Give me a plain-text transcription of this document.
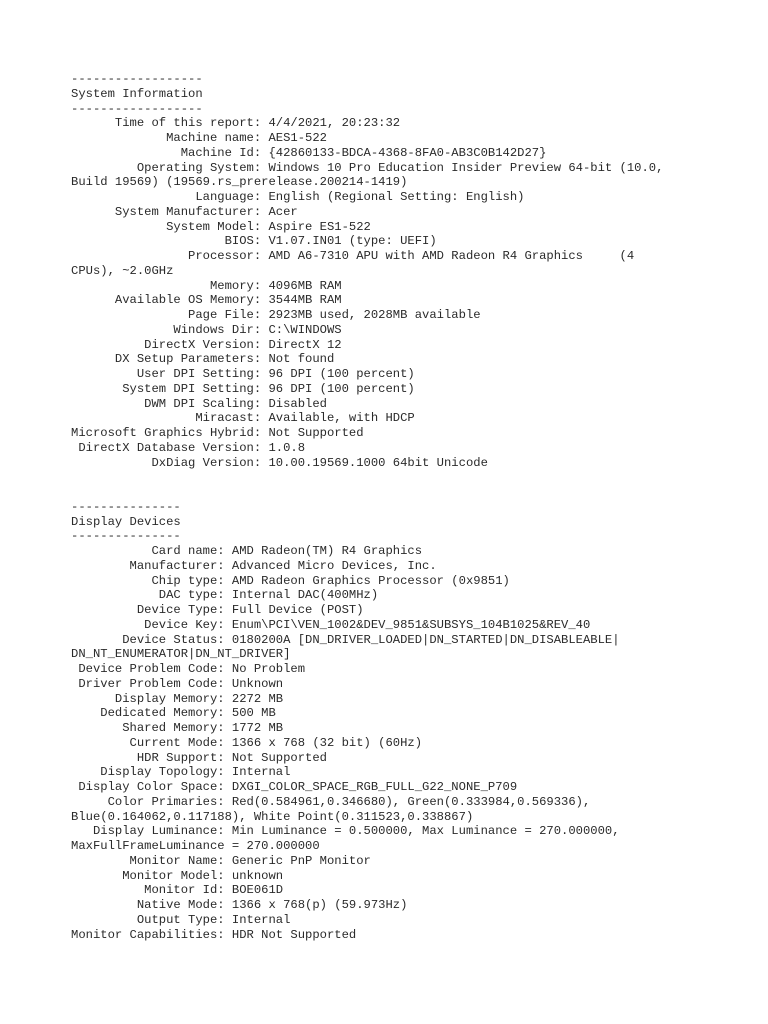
------------------
System Information
------------------
Time of this report: 4/4/2021, 20:23:32
Machine name: AES1-522
Machine Id: {42860133-BDCA-4368-8FA0-AB3C0B142D27}
Operating System: Windows 10 Pro Education Insider Preview 64-bit (10.0,
Build 19569) (19569.rs_prerelease.200214-1419)
Language: English (Regional Setting: English)
System Manufacturer: Acer
System Model: Aspire ES1-522
BIOS: V1.07.IN01 (type: UEFI)
Processor: AMD A6-7310 APU with AMD Radeon R4 Graphics     (4
CPUs), ~2.0GHz
Memory: 4096MB RAM
Available OS Memory: 3544MB RAM
Page File: 2923MB used, 2028MB available
Windows Dir: C:\WINDOWS
DirectX Version: DirectX 12
DX Setup Parameters: Not found
User DPI Setting: 96 DPI (100 percent)
System DPI Setting: 96 DPI (100 percent)
DWM DPI Scaling: Disabled
Miracast: Available, with HDCP
Microsoft Graphics Hybrid: Not Supported
DirectX Database Version: 1.0.8
DxDiag Version: 10.00.19569.1000 64bit Unicode
---------------
Display Devices
---------------
Card name: AMD Radeon(TM) R4 Graphics
Manufacturer: Advanced Micro Devices, Inc.
Chip type: AMD Radeon Graphics Processor (0x9851)
DAC type: Internal DAC(400MHz)
Device Type: Full Device (POST)
Device Key: Enum\PCI\VEN_1002&DEV_9851&SUBSYS_104B1025&REV_40
Device Status: 0180200A [DN_DRIVER_LOADED|DN_STARTED|DN_DISABLEABLE|
DN_NT_ENUMERATOR|DN_NT_DRIVER]
Device Problem Code: No Problem
Driver Problem Code: Unknown
Display Memory: 2272 MB
Dedicated Memory: 500 MB
Shared Memory: 1772 MB
Current Mode: 1366 x 768 (32 bit) (60Hz)
HDR Support: Not Supported
Display Topology: Internal
Display Color Space: DXGI_COLOR_SPACE_RGB_FULL_G22_NONE_P709
Color Primaries: Red(0.584961,0.346680), Green(0.333984,0.569336),
Blue(0.164062,0.117188), White Point(0.311523,0.338867)
Display Luminance: Min Luminance = 0.500000, Max Luminance = 270.000000,
MaxFullFrameLuminance = 270.000000
Monitor Name: Generic PnP Monitor
Monitor Model: unknown
Monitor Id: BOE061D
Native Mode: 1366 x 768(p) (59.973Hz)
Output Type: Internal
Monitor Capabilities: HDR Not Supported
